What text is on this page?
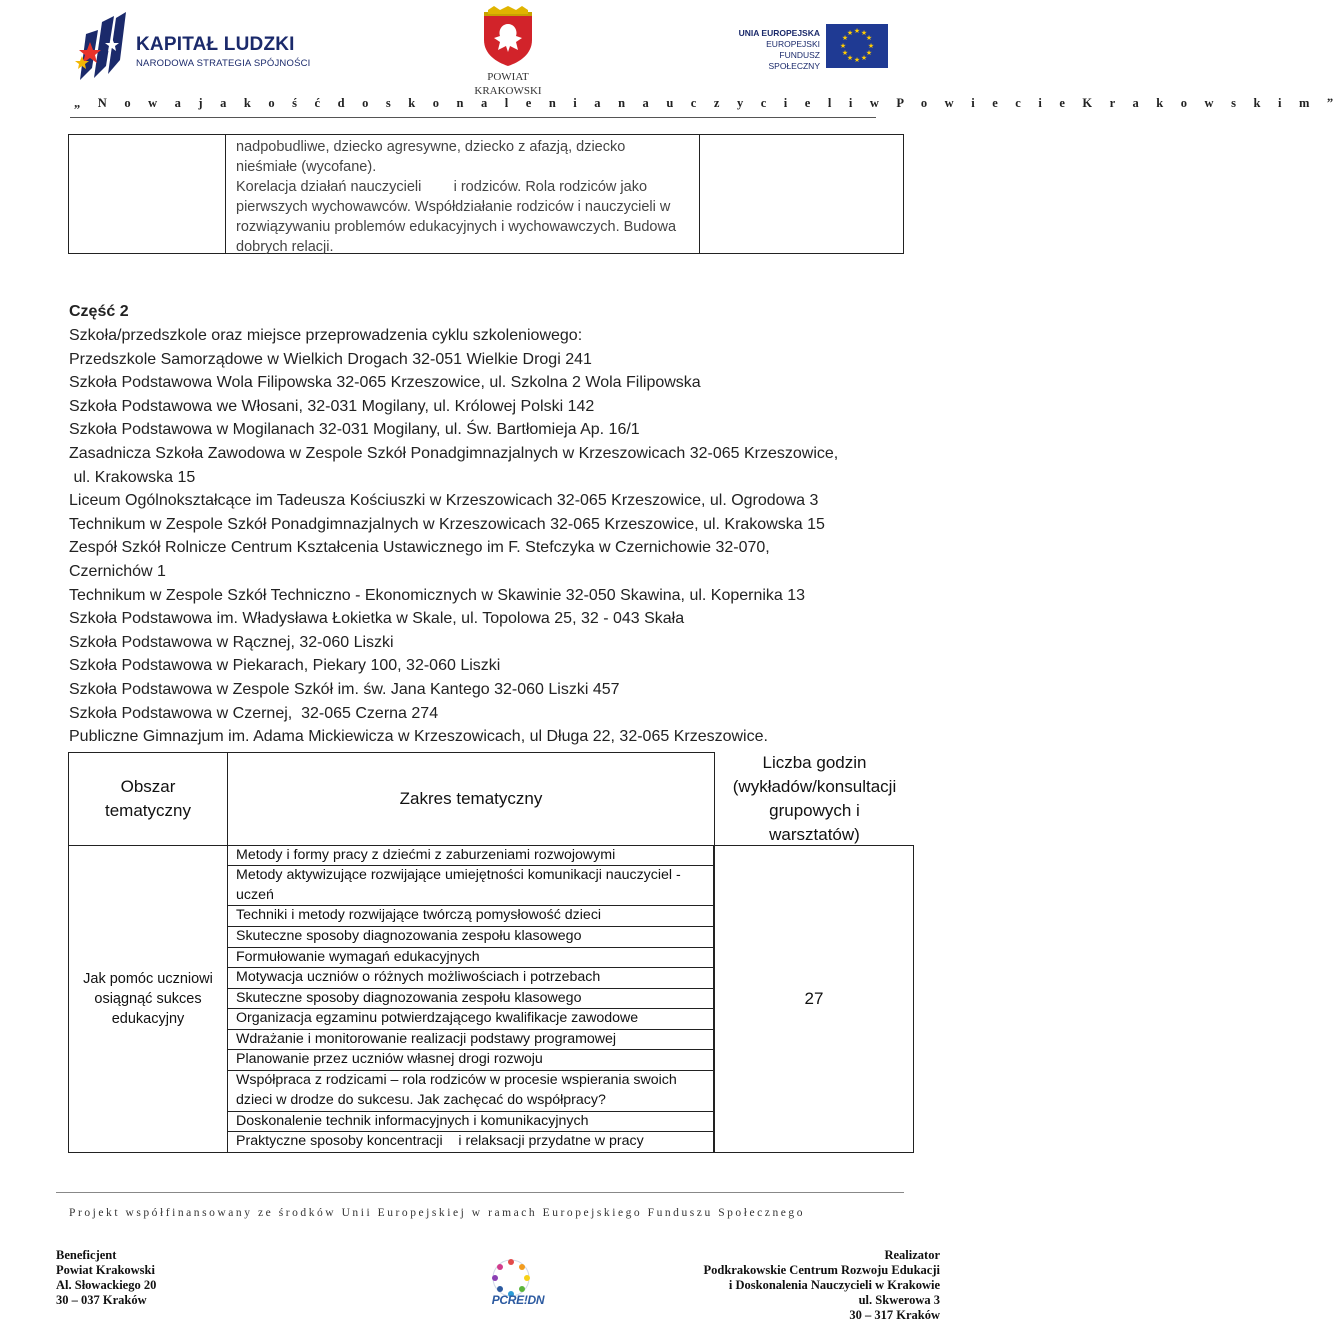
KAPITAŁ LUDZKI
NARODOWA STRATEGIA SPÓJNOŚCI
POWIAT
KRAKOWSKI
UNIA EUROPEJSKA
EUROPEJSKI
FUNDUSZ SPOŁECZNY
★ ★
★
★
★
★
★
★
★
★
★
★
„ N o w a j a k o ś ć d o s k o n a l e n i a n a u c z y c i e l i w P o w i e c i e K r a k o w s k i m ”
nadpobudliwe, dziecko agresywne, dziecko z afazją, dziecko
nieśmiałe (wycofane).
Korelacja działań nauczycieli        i rodziców. Rola rodziców jako
pierwszych wychowawców. Współdziałanie rodziców i nauczycieli w
rozwiązywaniu problemów edukacyjnych i wychowawczych. Budowa
dobrych relacji.
Część 2
Szkoła/przedszkole oraz miejsce przeprowadzenia cyklu szkoleniowego:
Przedszkole Samorządowe w Wielkich Drogach 32-051 Wielkie Drogi 241
Szkoła Podstawowa Wola Filipowska 32-065 Krzeszowice, ul. Szkolna 2 Wola Filipowska
Szkoła Podstawowa we Włosani, 32-031 Mogilany, ul. Królowej Polski 142
Szkoła Podstawowa w Mogilanach 32-031 Mogilany, ul. Św. Bartłomieja Ap. 16/1
Zasadnicza Szkoła Zawodowa w Zespole Szkół Ponadgimnazjalnych w Krzeszowicach 32-065 Krzeszowice,
ul. Krakowska 15
Liceum Ogólnokształcące im Tadeusza Kościuszki w Krzeszowicach 32-065 Krzeszowice, ul. Ogrodowa 3
Technikum w Zespole Szkół Ponadgimnazjalnych w Krzeszowicach 32-065 Krzeszowice, ul. Krakowska 15
Zespół Szkół Rolnicze Centrum Kształcenia Ustawicznego im F. Stefczyka w Czernichowie 32-070,
Czernichów 1
Technikum w Zespole Szkół Techniczno - Ekonomicznych w Skawinie 32-050 Skawina, ul. Kopernika 13
Szkoła Podstawowa im. Władysława Łokietka w Skale, ul. Topolowa 25, 32 - 043 Skała
Szkoła Podstawowa w Rącznej, 32-060 Liszki
Szkoła Podstawowa w Piekarach, Piekary 100, 32-060 Liszki
Szkoła Podstawowa w Zespole Szkół im. św. Jana Kantego 32-060 Liszki 457
Szkoła Podstawowa w Czernej,  32-065 Czerna 274
Publiczne Gimnazjum im. Adama Mickiewicza w Krzeszowicach, ul Długa 22, 32-065 Krzeszowice.
Obszar
tematyczny
Zakres tematyczny
Liczba godzin
(wykładów/konsultacji
grupowych i
warsztatów)
Jak pomóc uczniowi
osiągnąć sukces
edukacyjny
Metody i formy pracy z dziećmi z zaburzeniami rozwojowymi
Metody aktywizujące rozwijające umiejętności komunikacji nauczyciel -
uczeń
Techniki i metody rozwijające twórczą pomysłowość dzieci
Skuteczne sposoby diagnozowania zespołu klasowego
Formułowanie wymagań edukacyjnych
Motywacja uczniów o różnych możliwościach i potrzebach
Skuteczne sposoby diagnozowania zespołu klasowego
Organizacja egzaminu potwierdzającego kwalifikacje zawodowe
Wdrażanie i monitorowanie realizacji podstawy programowej
Planowanie przez uczniów własnej drogi rozwoju
Współpraca z rodzicami – rola rodziców w procesie wspierania swoich
dzieci w drodze do sukcesu. Jak zachęcać do współpracy?
Doskonalenie technik informacyjnych i komunikacyjnych
Praktyczne sposoby koncentracji    i relaksacji przydatne w pracy
27
Projekt współfinansowany ze środków Unii Europejskiej w ramach Europejskiego Funduszu Społecznego
Beneficjent
Powiat Krakowski
Al. Słowackiego 20
30 – 037 Kraków	PCRE!DN
Realizator
Podkrakowskie Centrum Rozwoju Edukacji
i Doskonalenia Nauczycieli w Krakowie
ul. Skwerowa 3
30 – 317 Kraków
